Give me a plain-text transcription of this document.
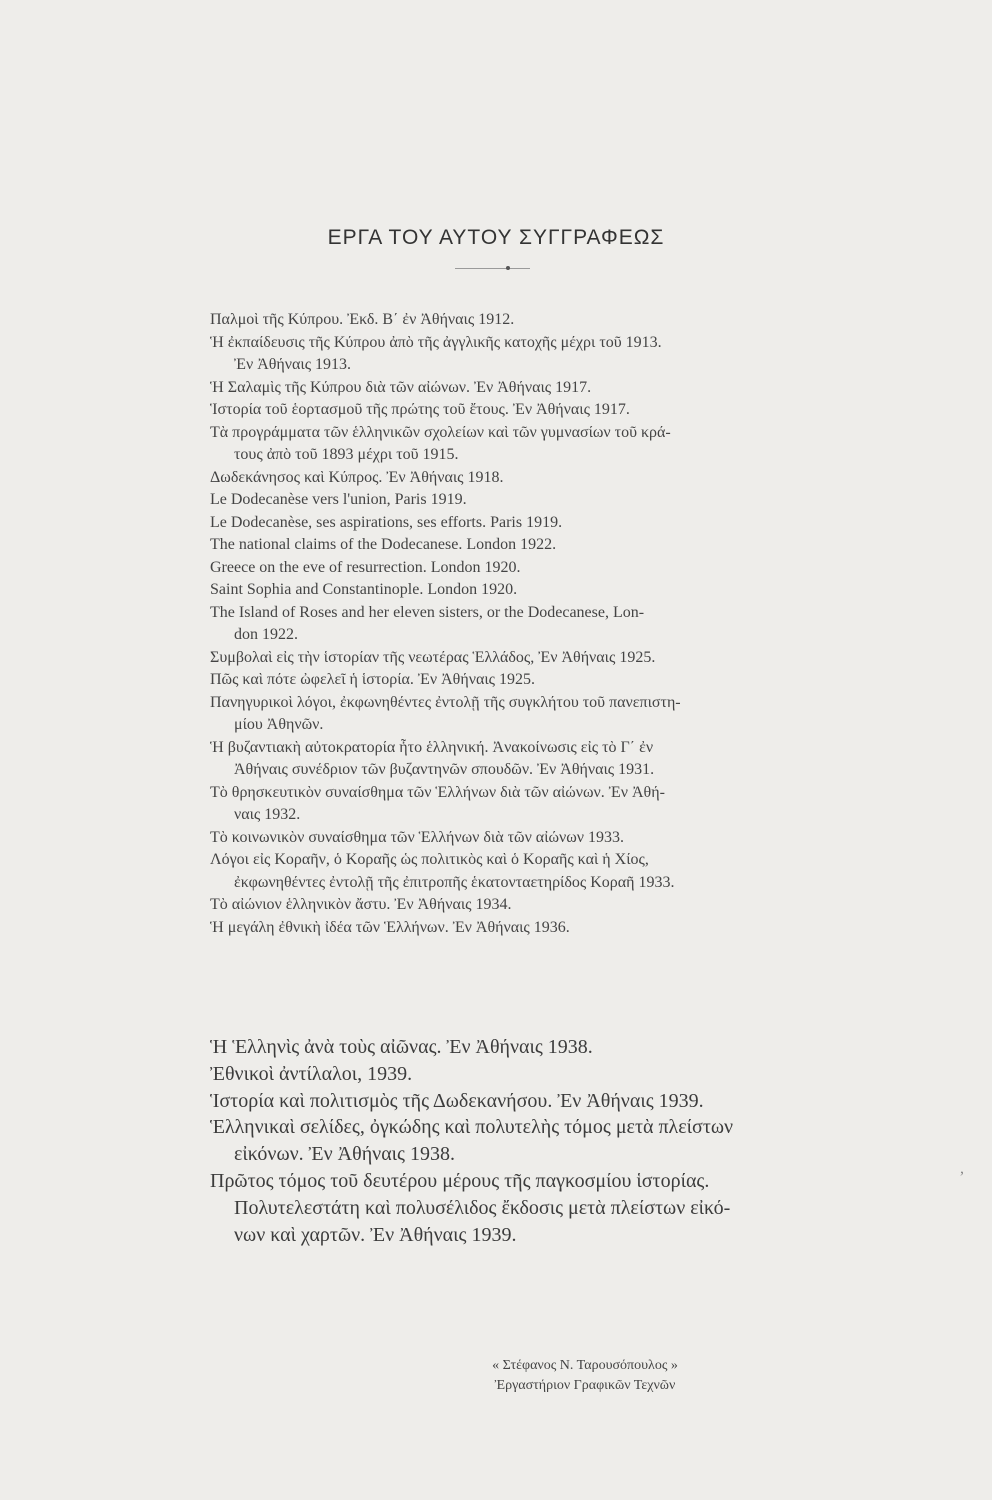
ΕΡΓΑ ΤΟΥ ΑΥΤΟΥ ΣΥΓΓΡΑΦΕΩΣ
Παλμοὶ τῆς Κύπρου. Ἐκδ. Β΄ ἐν Ἀθήναις 1912.
Ἡ ἐκπαίδευσις τῆς Κύπρου ἀπὸ τῆς ἀγγλικῆς κατοχῆς μέχρι τοῦ 1913.
Ἐν Ἀθήναις 1913.
Ἡ Σαλαμὶς τῆς Κύπρου διὰ τῶν αἰώνων. Ἐν Ἀθήναις 1917.
Ἱστορία τοῦ ἑορτασμοῦ τῆς πρώτης τοῦ ἔτους. Ἐν Ἀθήναις 1917.
Τὰ προγράμματα τῶν ἑλληνικῶν σχολείων καὶ τῶν γυμνασίων τοῦ κρά-
τους ἀπὸ τοῦ 1893 μέχρι τοῦ 1915.
Δωδεκάνησος καὶ Κύπρος. Ἐν Ἀθήναις 1918.
Le Dodecanèse vers l'union, Paris 1919.
Le Dodecanèse, ses aspirations, ses efforts. Paris 1919.
The national claims of the Dodecanese. London 1922.
Greece on the eve of resurrection. London 1920.
Saint Sophia and Constantinople. London 1920.
The Island of Roses and her eleven sisters, or the Dodecanese, Lon-
don 1922.
Συμβολαὶ εἰς τὴν ἱστορίαν τῆς νεωτέρας Ἑλλάδος, Ἐν Ἀθήναις 1925.
Πῶς καὶ πότε ὠφελεῖ ἡ ἱστορία. Ἐν Ἀθήναις 1925.
Πανηγυρικοὶ λόγοι, ἐκφωνηθέντες ἐντολῇ τῆς συγκλήτου τοῦ πανεπιστη-
μίου Ἀθηνῶν.
Ἡ βυζαντιακὴ αὐτοκρατορία ἦτο ἑλληνική. Ἀνακοίνωσις εἰς τὸ Γ΄ ἐν
Ἀθήναις συνέδριον τῶν βυζαντηνῶν σπουδῶν. Ἐν Ἀθήναις 1931.
Τὸ θρησκευτικὸν συναίσθημα τῶν Ἑλλήνων διὰ τῶν αἰώνων. Ἐν Ἀθή-
ναις 1932.
Τὸ κοινωνικὸν συναίσθημα τῶν Ἑλλήνων διὰ τῶν αἰώνων 1933.
Λόγοι εἰς Κοραῆν, ὁ Κοραῆς ὡς πολιτικὸς καὶ ὁ Κοραῆς καὶ ἡ Χίος,
ἐκφωνηθέντες ἐντολῇ τῆς ἐπιτροπῆς ἑκατονταετηρίδος Κοραῆ 1933.
Τὸ αἰώνιον ἑλληνικὸν ἄστυ. Ἐν Ἀθήναις 1934.
Ἡ μεγάλη ἐθνικὴ ἰδέα τῶν Ἑλλήνων. Ἐν Ἀθήναις 1936.
Ἡ Ἑλληνὶς ἀνὰ τοὺς αἰῶνας. Ἐν Ἀθήναις 1938.
Ἐθνικοὶ ἀντίλαλοι, 1939.
Ἱστορία καὶ πολιτισμὸς τῆς Δωδεκανήσου. Ἐν Ἀθήναις 1939.
Ἑλληνικαὶ σελίδες, ὀγκώδης καὶ πολυτελὴς τόμος μετὰ πλείστων
εἰκόνων. Ἐν Ἀθήναις 1938.
Πρῶτος τόμος τοῦ δευτέρου μέρους τῆς παγκοσμίου ἱστορίας.
Πολυτελεστάτη καὶ πολυσέλιδος ἔκδοσις μετὰ πλείστων εἰκό-
νων καὶ χαρτῶν. Ἐν Ἀθήναις 1939.
« Στέφανος Ν. Ταρουσόπουλος »
Ἐργαστήριον Γραφικῶν Τεχνῶν
,
